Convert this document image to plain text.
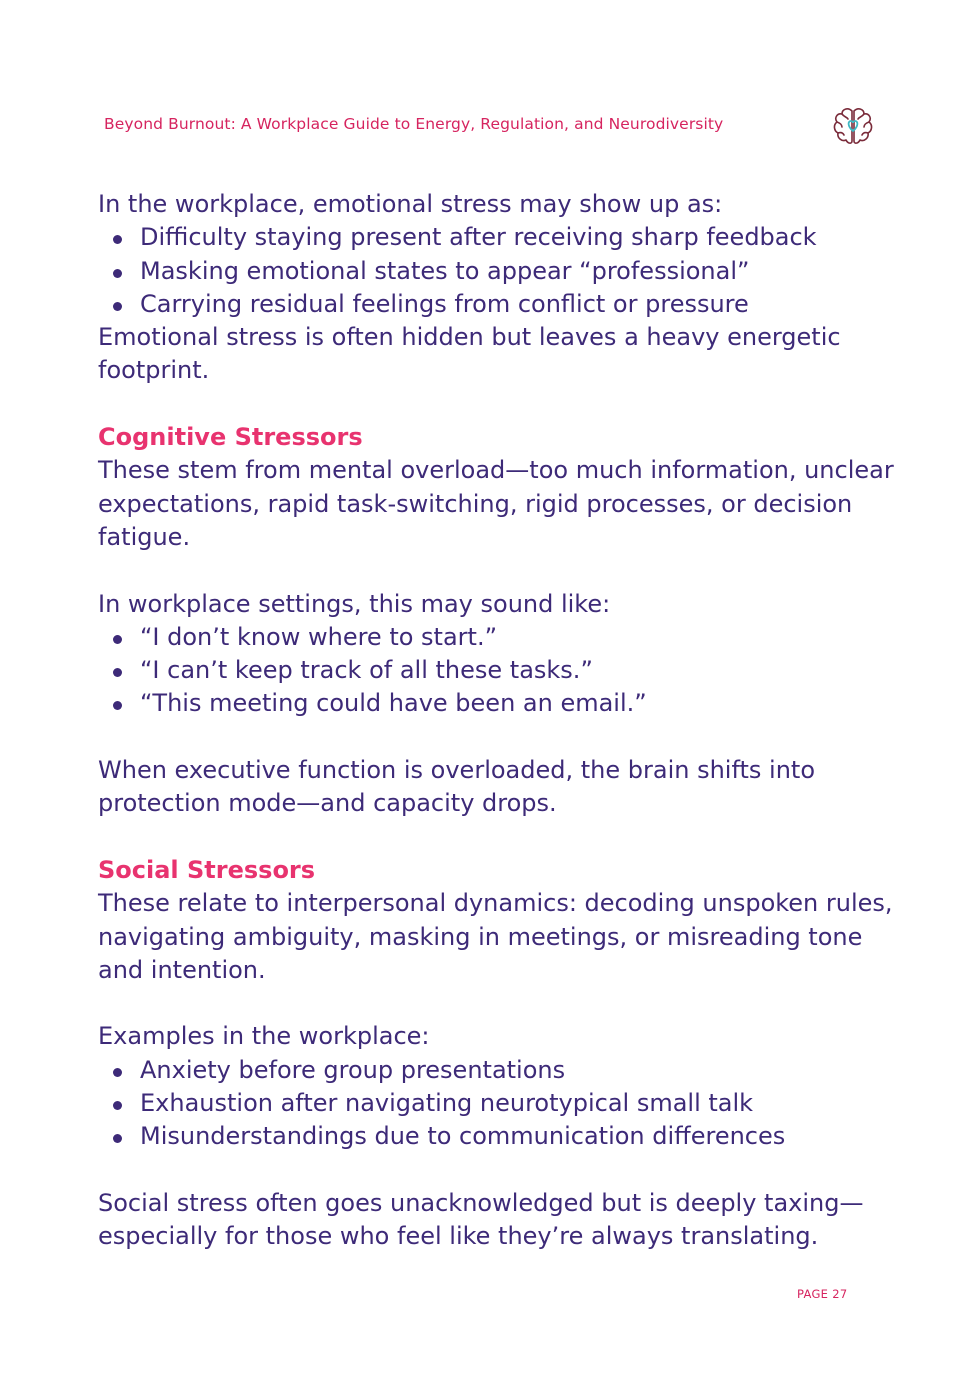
Beyond Burnout: A Workplace Guide to Energy, Regulation, and Neurodiversity

In the workplace, emotional stress may show up as:

Difficulty staying present after receiving sharp feedback
Masking emotional states to appear “professional”
Carrying residual feelings from conflict or pressure

Emotional stress is often hidden but leaves a heavy energetic footprint.

Cognitive Stressors

These stem from mental overload—too much information, unclear expectations, rapid task-switching, rigid processes, or decision fatigue.

In workplace settings, this may sound like:

“I don’t know where to start.”
“I can’t keep track of all these tasks.”
“This meeting could have been an email.”

When executive function is overloaded, the brain shifts into protection mode—and capacity drops.

Social Stressors

These relate to interpersonal dynamics: decoding unspoken rules, navigating ambiguity, masking in meetings, or misreading tone and intention.

Examples in the workplace:

Anxiety before group presentations
Exhaustion after navigating neurotypical small talk
Misunderstandings due to communication differences

Social stress often goes unacknowledged but is deeply taxing—especially for those who feel like they’re always translating.

PAGE 27
